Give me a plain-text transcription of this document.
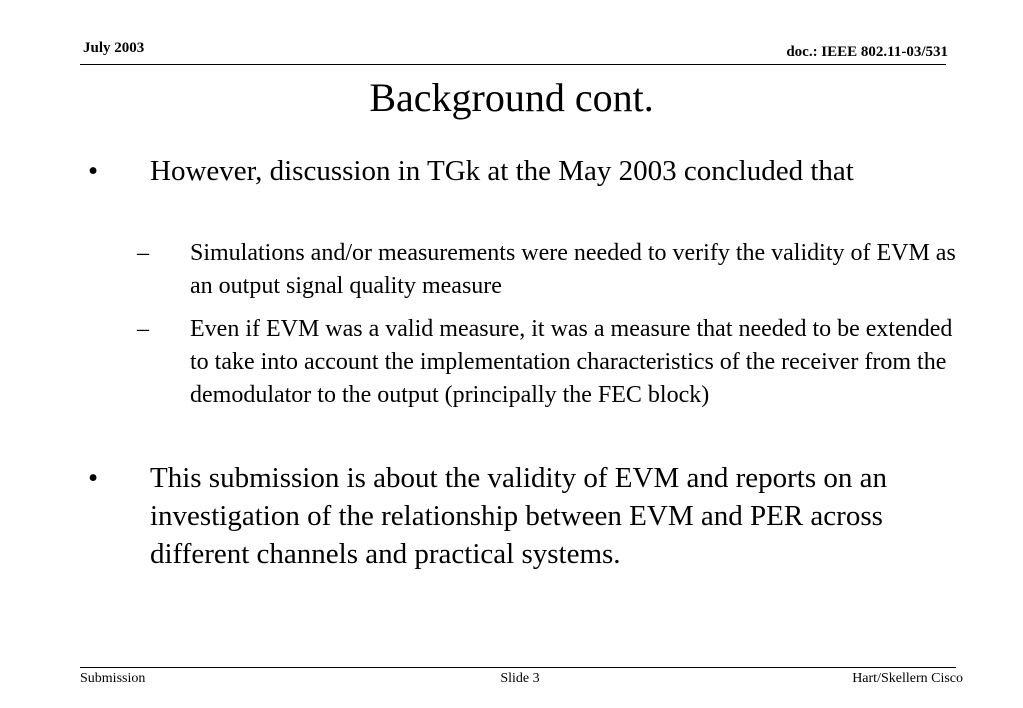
July 2003	doc.: IEEE 802.11-03/531
Background cont.
• However, discussion in TGk at the May 2003 concluded that
– Simulations and/or measurements were needed to verify the validity of EVM as an output signal quality measure
– Even if EVM was a valid measure, it was a measure that needed to be extended to take into account the implementation characteristics of the receiver from the demodulator to the output (principally the FEC block)
• This submission is about the validity of EVM and reports on an investigation of the relationship between EVM and PER across different channels and practical systems.
Submission	Slide 3	Hart/Skellern Cisco
